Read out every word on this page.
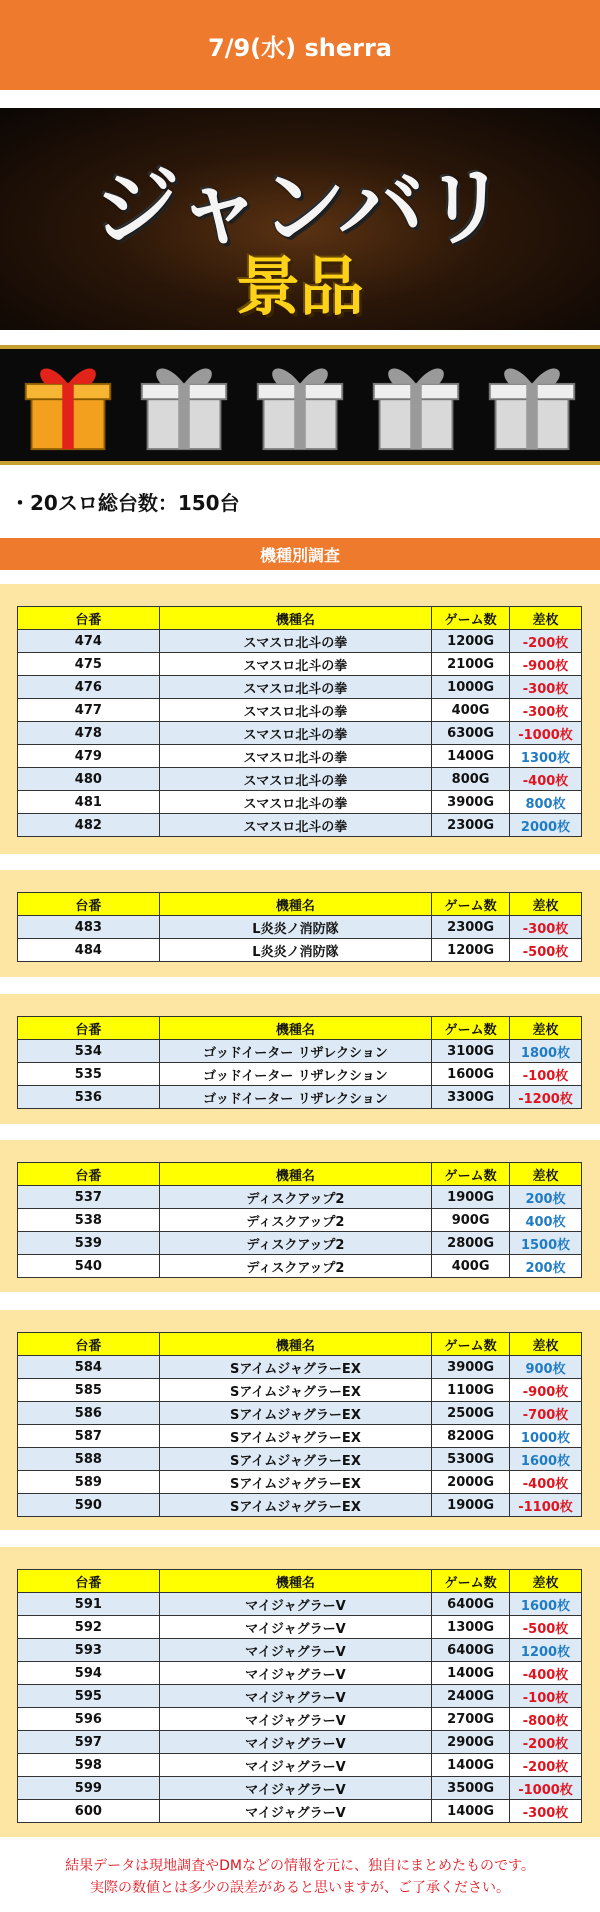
7/9(水) sherra
ジャンバリ
景品
・20スロ総台数：150台
機種別調査
台番	機種名	ゲーム数	差枚
474	スマスロ北斗の拳	1200G	-200枚
475	スマスロ北斗の拳	2100G	-900枚
476	スマスロ北斗の拳	1000G	-300枚
477	スマスロ北斗の拳	400G	-300枚
478	スマスロ北斗の拳	6300G	-1000枚
479	スマスロ北斗の拳	1400G	1300枚
480	スマスロ北斗の拳	800G	-400枚
481	スマスロ北斗の拳	3900G	800枚
482	スマスロ北斗の拳	2300G	2000枚
台番	機種名	ゲーム数	差枚
483	L炎炎ノ消防隊	2300G	-300枚
484	L炎炎ノ消防隊	1200G	-500枚
台番	機種名	ゲーム数	差枚
534	ゴッドイーター リザレクション	3100G	1800枚
535	ゴッドイーター リザレクション	1600G	-100枚
536	ゴッドイーター リザレクション	3300G	-1200枚
台番	機種名	ゲーム数	差枚
537	ディスクアップ2	1900G	200枚
538	ディスクアップ2	900G	400枚
539	ディスクアップ2	2800G	1500枚
540	ディスクアップ2	400G	200枚
台番	機種名	ゲーム数	差枚
584	SアイムジャグラーEX	3900G	900枚
585	SアイムジャグラーEX	1100G	-900枚
586	SアイムジャグラーEX	2500G	-700枚
587	SアイムジャグラーEX	8200G	1000枚
588	SアイムジャグラーEX	5300G	1600枚
589	SアイムジャグラーEX	2000G	-400枚
590	SアイムジャグラーEX	1900G	-1100枚
台番	機種名	ゲーム数	差枚
591	マイジャグラーV	6400G	1600枚
592	マイジャグラーV	1300G	-500枚
593	マイジャグラーV	6400G	1200枚
594	マイジャグラーV	1400G	-400枚
595	マイジャグラーV	2400G	-100枚
596	マイジャグラーV	2700G	-800枚
597	マイジャグラーV	2900G	-200枚
598	マイジャグラーV	1400G	-200枚
599	マイジャグラーV	3500G	-1000枚
600	マイジャグラーV	1400G	-300枚
結果データは現地調査やDMなどの情報を元に、独自にまとめたものです。
実際の数値とは多少の誤差があると思いますが、ご了承ください。
